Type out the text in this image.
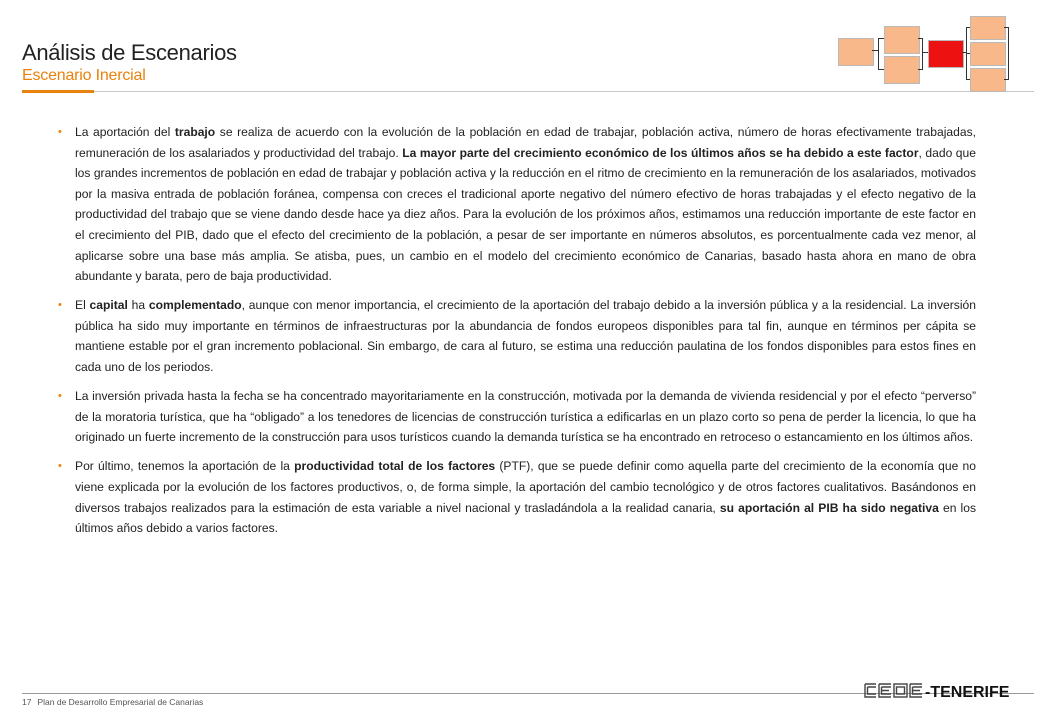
Análisis de Escenarios
Escenario Inercial
• La aportación del trabajo se realiza de acuerdo con la evolución de la población en edad de trabajar, población activa, número de horas efectivamente trabajadas, remuneración de los asalariados y productividad del trabajo. La mayor parte del crecimiento económico de los últimos años se ha debido a este factor, dado que los grandes incrementos de población en edad de trabajar y población activa y la reducción en el ritmo de crecimiento en la remuneración de los asalariados, motivados por la masiva entrada de población foránea, compensa con creces el tradicional aporte negativo del número efectivo de horas trabajadas y el efecto negativo de la productividad del trabajo que se viene dando desde hace ya diez años. Para la evolución de los próximos años, estimamos una reducción importante de este factor en el crecimiento del PIB, dado que el efecto del crecimiento de la población, a pesar de ser importante en números absolutos, es porcentualmente cada vez menor, al aplicarse sobre una base más amplia. Se atisba, pues, un cambio en el modelo del crecimiento económico de Canarias, basado hasta ahora en mano de obra abundante y barata, pero de baja productividad.
• El capital ha complementado, aunque con menor importancia, el crecimiento de la aportación del trabajo debido a la inversión pública y a la residencial. La inversión pública ha sido muy importante en términos de infraestructuras por la abundancia de fondos europeos disponibles para tal fin, aunque en términos per cápita se mantiene estable por el gran incremento poblacional. Sin embargo, de cara al futuro, se estima una reducción paulatina de los fondos disponibles para estos fines en cada uno de los periodos.
• La inversión privada hasta la fecha se ha concentrado mayoritariamente en la construcción, motivada por la demanda de vivienda residencial y por el efecto “perverso” de la moratoria turística, que ha “obligado” a los tenedores de licencias de construcción turística a edificarlas en un plazo corto so pena de perder la licencia, lo que ha originado un fuerte incremento de la construcción para usos turísticos cuando la demanda turística se ha encontrado en retroceso o estancamiento en los últimos años.
• Por último, tenemos la aportación de la productividad total de los factores (PTF), que se puede definir como aquella parte del crecimiento de la economía que no viene explicada por la evolución de los factores productivos, o, de forma simple, la aportación del cambio tecnológico y de otros factores cualitativos. Basándonos en diversos trabajos realizados para la estimación de esta variable a nivel nacional y trasladándola a la realidad canaria, su aportación al PIB ha sido negativa en los últimos años debido a varios factores.
17 Plan de Desarrollo Empresarial de Canarias
-TENERIFE
